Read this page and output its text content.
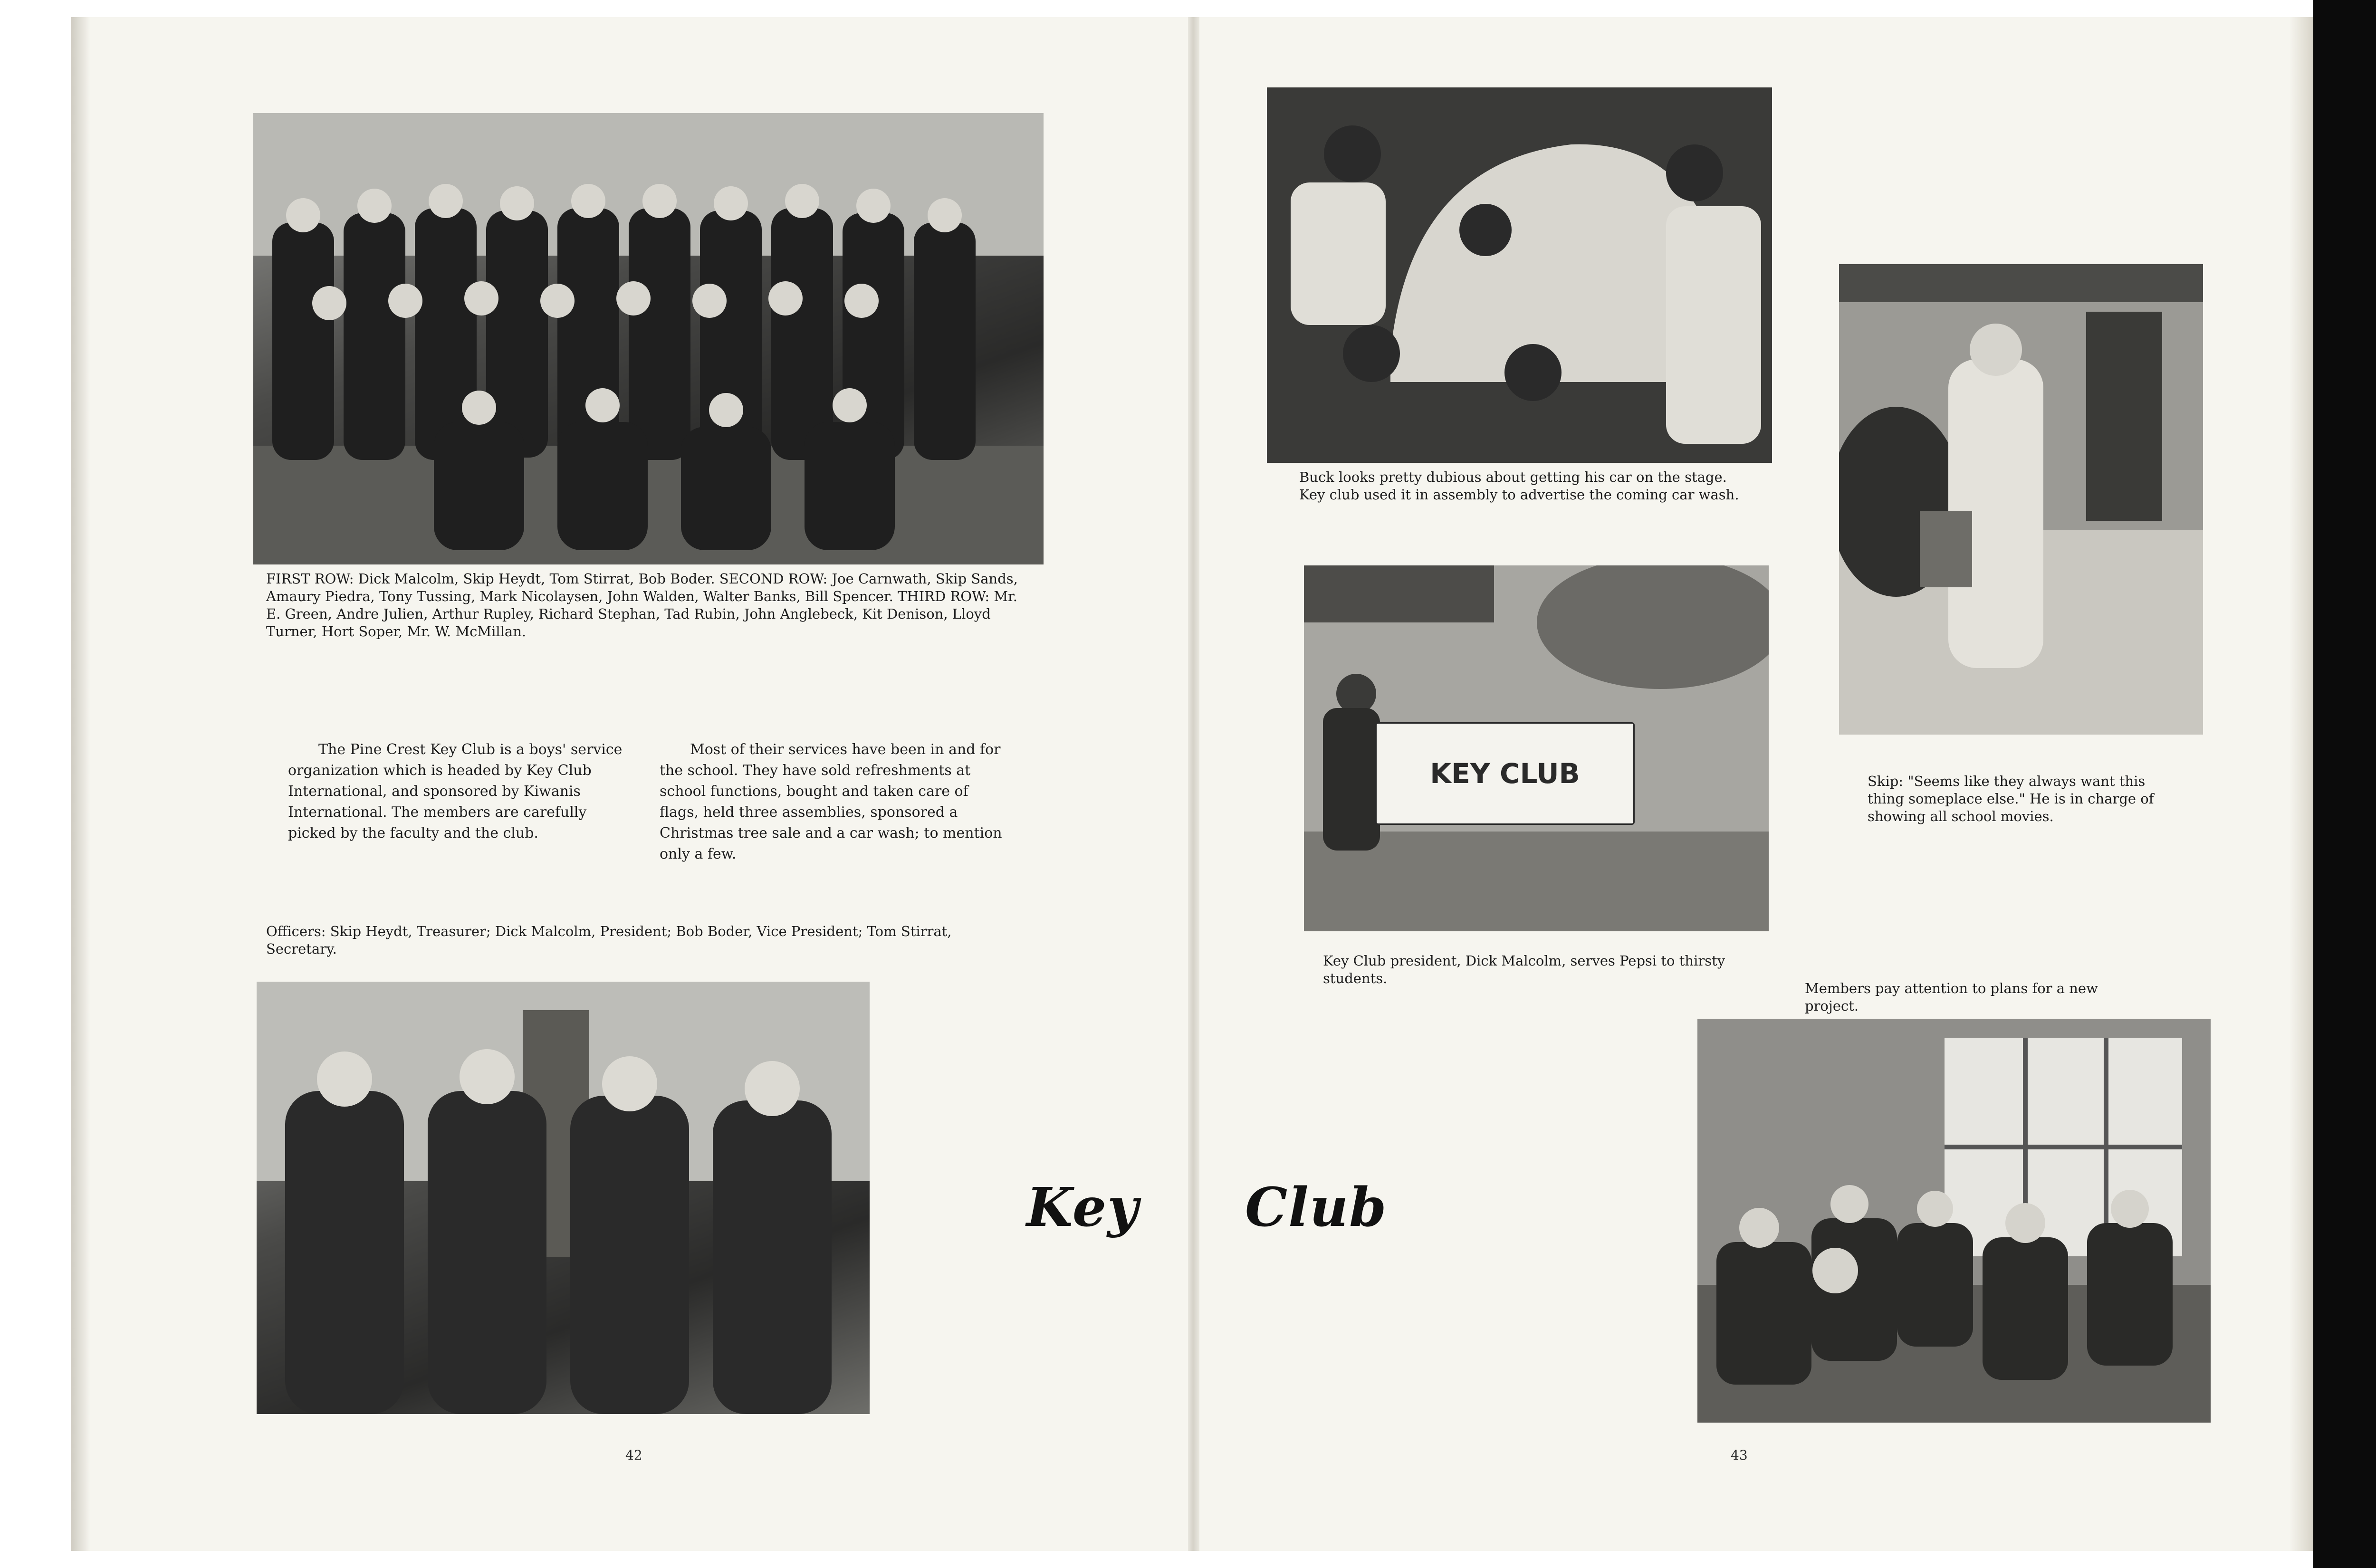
FIRST ROW: Dick Malcolm, Skip Heydt, Tom Stirrat, Bob Boder. SECOND ROW: Joe Carnwath, Skip Sands, Amaury Piedra, Tony Tussing, Mark Nicolaysen, John Walden, Walter Banks, Bill Spencer. THIRD ROW: Mr. E. Green, Andre Julien, Arthur Rupley, Richard Stephan, Tad Rubin, John Anglebeck, Kit Denison, Lloyd Turner, Hort Soper, Mr. W. McMillan.

The Pine Crest Key Club is a boys' service organization which is headed by Key Club International, and sponsored by Kiwanis International. The members are carefully picked by the faculty and the club.

Most of their services have been in and for the school. They have sold refreshments at school functions, bought and taken care of flags, held three assemblies, sponsored a Christmas tree sale and a car wash; to mention only a few.

Officers: Skip Heydt, Treasurer; Dick Malcolm, President; Bob Boder, Vice President; Tom Stirrat, Secretary.

42
Key Club

Buck looks pretty dubious about getting his car on the stage. Key club used it in assembly to advertise the coming car wash.

Skip: "Seems like they always want this thing someplace else." He is in charge of showing all school movies.

KEY CLUB

Key Club president, Dick Malcolm, serves Pepsi to thirsty students.

Members pay attention to plans for a new project.

43
